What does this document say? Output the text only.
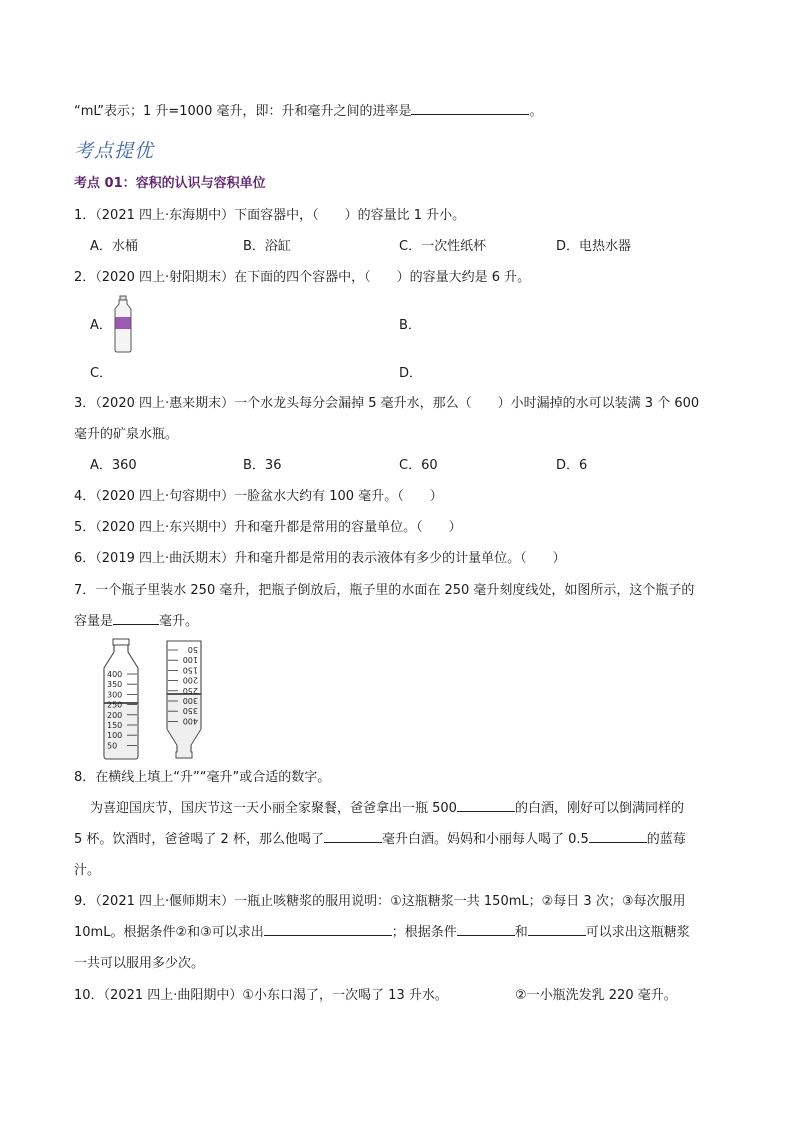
“mL”表示；1 升=1000 毫升，即：升和毫升之间的进率是	。
考点提优
考点 01：容积的认识与容积单位
1．（2021 四上·东海期中）下面容器中，（　　）的容量比 1 升小。
A．水桶	B．浴缸	C．一次性纸杯	D．电热水器
2．（2020 四上·射阳期末）在下面的四个容器中，（　　）的容量大约是 6 升。
A．	B．
C．	D．
3．（2020 四上·惠来期末）一个水龙头每分会漏掉 5 毫升水，那么（　　）小时漏掉的水可以装满 3 个 600
毫升的矿泉水瓶。
A．360	B．36	C．60	D．6
4．（2020 四上·句容期中）一脸盆水大约有 100 毫升。（　　）
5．（2020 四上·东兴期中）升和毫升都是常用的容量单位。（　　）
6．（2019 四上·曲沃期末）升和毫升都是常用的表示液体有多少的计量单位。（　　）
7．一个瓶子里装水 250 毫升，把瓶子倒放后，瓶子里的水面在 250 毫升刻度线处，如图所示，这个瓶子的
容量是	毫升。
400
350
300
250
200
150
100
50
50
100
150
200
250
300
350
400
8．在横线上填上“升”“毫升”或合适的数字。
为喜迎国庆节，国庆节这一天小丽全家聚餐，爸爸拿出一瓶 500	的白酒，刚好可以倒满同样的
5 杯。饮酒时，爸爸喝了 2 杯，那么他喝了	毫升白酒。妈妈和小丽每人喝了 0.5	的蓝莓
汁。
9．（2021 四上·偃师期末）一瓶止咳糖浆的服用说明：①这瓶糖浆一共 150mL；②每日 3 次；③每次服用
10mL。根据条件②和③可以求出	；根据条件	和	可以求出这瓶糖浆
一共可以服用多少次。
10．（2021 四上·曲阳期中）①小东口渴了，一次喝了 13 升水。	②一小瓶洗发乳 220 毫升。
